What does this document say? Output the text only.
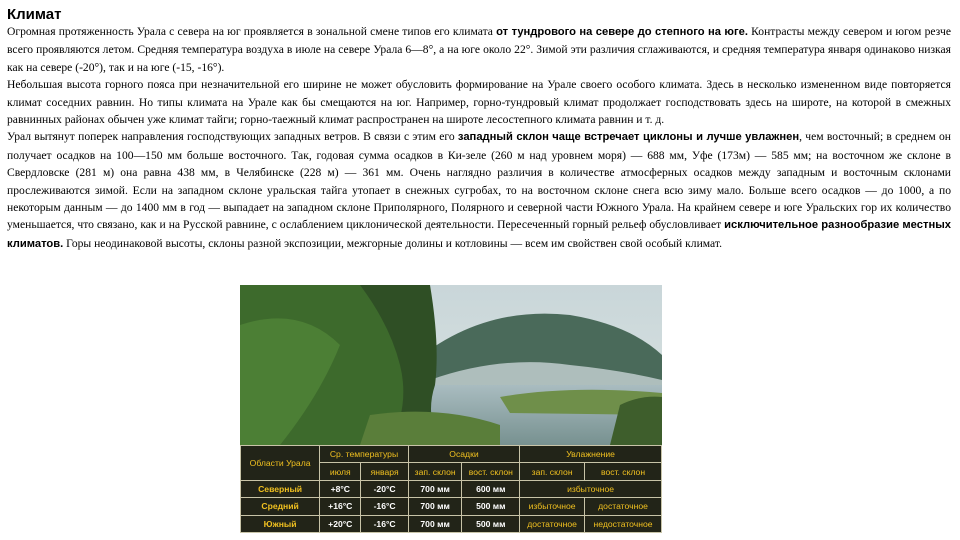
Климат

Огромная протяженность Урала с севера на юг проявляется в зональной смене типов его климата от тундрового на севере до степного на юге. Контрасты между севером и югом резче всего проявляются летом. Средняя температура воздуха в июле на севере Урала 6—8°, а на юге около 22°. Зимой эти различия сглаживаются, и средняя температура января одинаково низкая как на севере (-20°), так и на юге (-15, -16°).

Небольшая высота горного пояса при незначительной его ширине не может обусловить формирование на Урале своего особого климата. Здесь в несколько измененном виде повторяется климат соседних равнин. Но типы климата на Урале как бы смещаются на юг. Например, горно-тундровый климат продолжает господствовать здесь на широте, на которой в смежных равнинных районах обычен уже климат тайги; горно-таежный климат распространен на широте лесостепного климата равнин и т. д.

Урал вытянут поперек направления господствующих западных ветров. В связи с этим его западный склон чаще встречает циклоны и лучше увлажнен, чем восточный; в среднем он получает осадков на 100—150 мм больше восточного. Так, годовая сумма осадков в Ки-зеле (260 м над уровнем моря) — 688 мм, Уфе (173м) — 585 мм; на восточном же склоне в Свердловске (281 м) она равна 438 мм, в Челябинске (228 м) — 361 мм. Очень наглядно различия в количестве атмосферных осадков между западным и восточным склонами прослеживаются зимой. Если на западном склоне уральская тайга утопает в снежных сугробах, то на восточном склоне снега всю зиму мало. Больше всего осадков — до 1000, а по некоторым данным — до 1400 мм в год — выпадает на западном склоне Приполярного, Полярного и северной части Южного Урала. На крайнем севере и юге Уральских гор их количество уменьшается, что связано, как и на Русской равнине, с ослаблением циклонической деятельности. Пересеченный горный рельеф обусловливает исключительное разнообразие местных климатов. Горы неодинаковой высоты, склоны разной экспозиции, межгорные долины и котловины — всем им свойствен свой особый климат.

Области Урала	Ср. температуры		Осадки		Увлажнение	
	июля	января	зап. склон	вост. склон	зап. склон	вост. склон
Северный	+8°С	-20°С	700 мм	600 мм	избыточное	
Средний	+16°С	-16°С	700 мм	500 мм	избыточное	достаточное
Южный	+20°С	-16°С	700 мм	500 мм	достаточное	недостаточное
